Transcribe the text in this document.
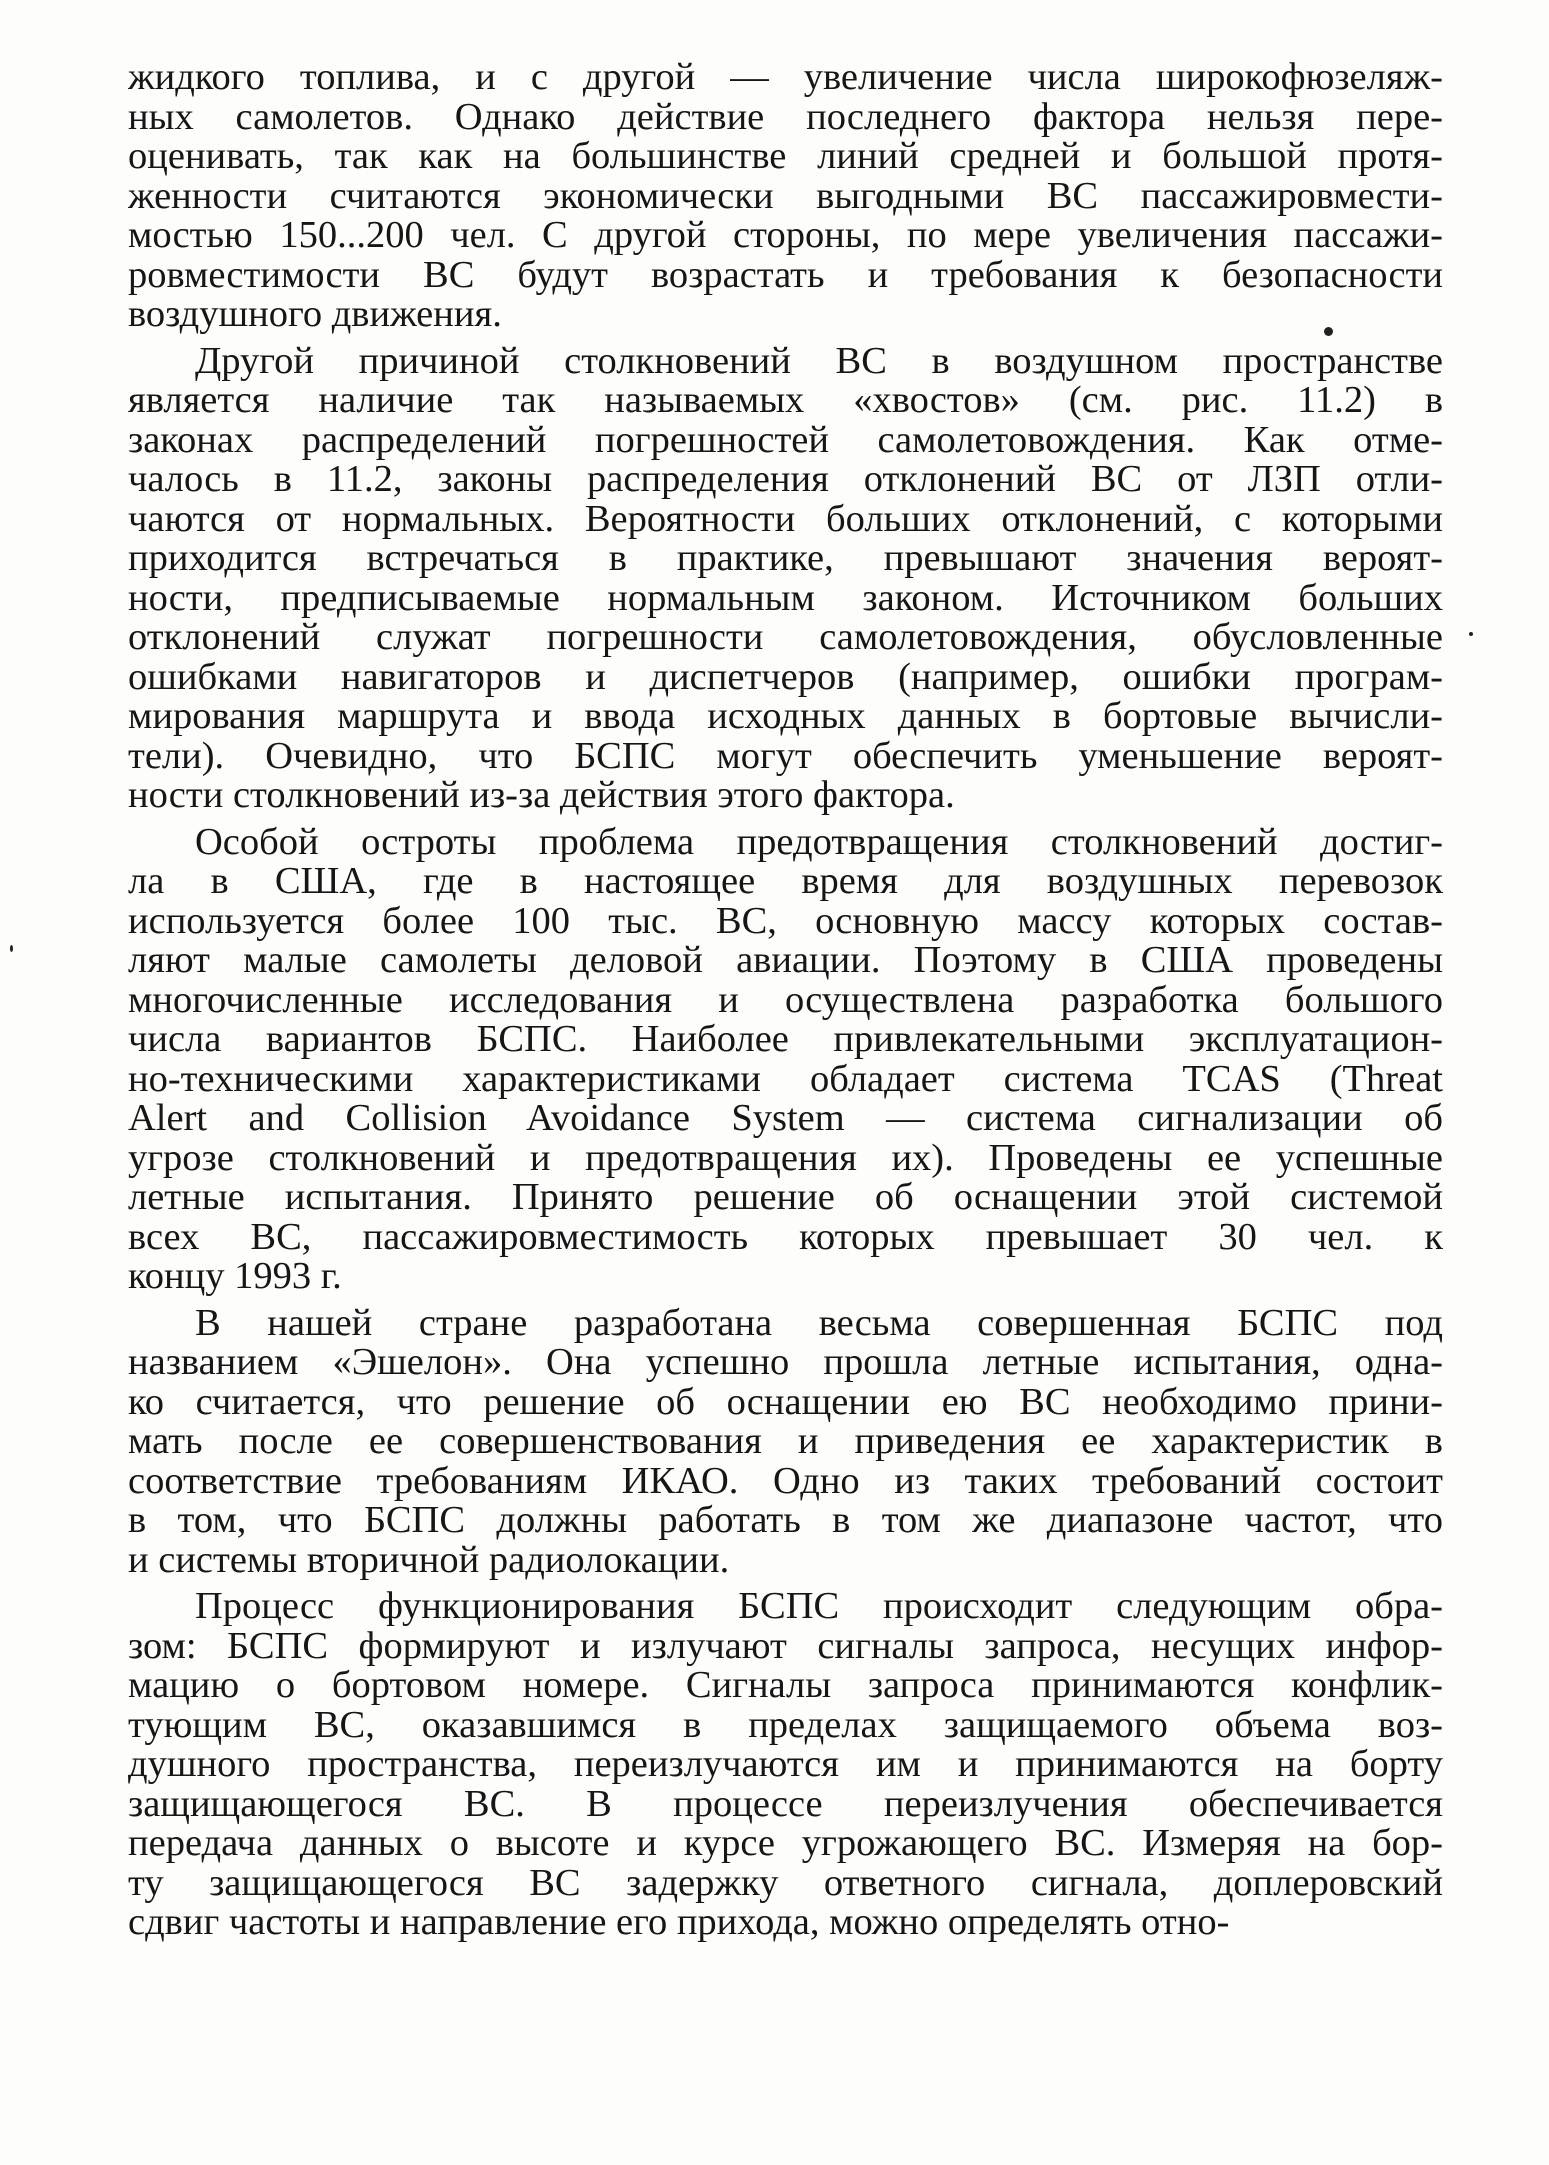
жидкого топлива, и с другой — увеличение числа широкофюзеляж-
ных самолетов. Однако действие последнего фактора нельзя пере-
оценивать, так как на большинстве линий средней и большой протя-
женности считаются экономически выгодными ВС пассажировмести-
мостью 150...200 чел. С другой стороны, по мере увеличения пассажи-
ровместимости ВС будут возрастать и требования к безопасности
воздушного движения.
Другой причиной столкновений ВС в воздушном пространстве
является наличие так называемых «хвостов» (см. рис. 11.2) в
законах распределений погрешностей самолетовождения. Как отме-
чалось в 11.2, законы распределения отклонений ВС от ЛЗП отли-
чаются от нормальных. Вероятности больших отклонений, с которыми
приходится встречаться в практике, превышают значения вероят-
ности, предписываемые нормальным законом. Источником больших
отклонений служат погрешности самолетовождения, обусловленные
ошибками навигаторов и диспетчеров (например, ошибки програм-
мирования маршрута и ввода исходных данных в бортовые вычисли-
тели). Очевидно, что БСПС могут обеспечить уменьшение вероят-
ности столкновений из-за действия этого фактора.
Особой остроты проблема предотвращения столкновений достиг-
ла в США, где в настоящее время для воздушных перевозок
используется более 100 тыс. ВС, основную массу которых состав-
ляют малые самолеты деловой авиации. Поэтому в США проведены
многочисленные исследования и осуществлена разработка большого
числа вариантов БСПС. Наиболее привлекательными эксплуатацион-
но-техническими характеристиками обладает система TCAS (Threat
Alert and Collision Avoidance System — система сигнализации об
угрозе столкновений и предотвращения их). Проведены ее успешные
летные испытания. Принято решение об оснащении этой системой
всех ВС, пассажировместимость которых превышает 30 чел. к
концу 1993 г.
В нашей стране разработана весьма совершенная БСПС под
названием «Эшелон». Она успешно прошла летные испытания, одна-
ко считается, что решение об оснащении ею ВС необходимо прини-
мать после ее совершенствования и приведения ее характеристик в
соответствие требованиям ИКАО. Одно из таких требований состоит
в том, что БСПС должны работать в том же диапазоне частот, что
и системы вторичной радиолокации.
Процесс функционирования БСПС происходит следующим обра-
зом: БСПС формируют и излучают сигналы запроса, несущих инфор-
мацию о бортовом номере. Сигналы запроса принимаются конфлик-
тующим ВС, оказавшимся в пределах защищаемого объема воз-
душного пространства, переизлучаются им и принимаются на борту
защищающегося ВС. В процессе переизлучения обеспечивается
передача данных о высоте и курсе угрожающего ВС. Измеряя на бор-
ту защищающегося ВС задержку ответного сигнала, доплеровский
сдвиг частоты и направление его прихода, можно определять отно-
